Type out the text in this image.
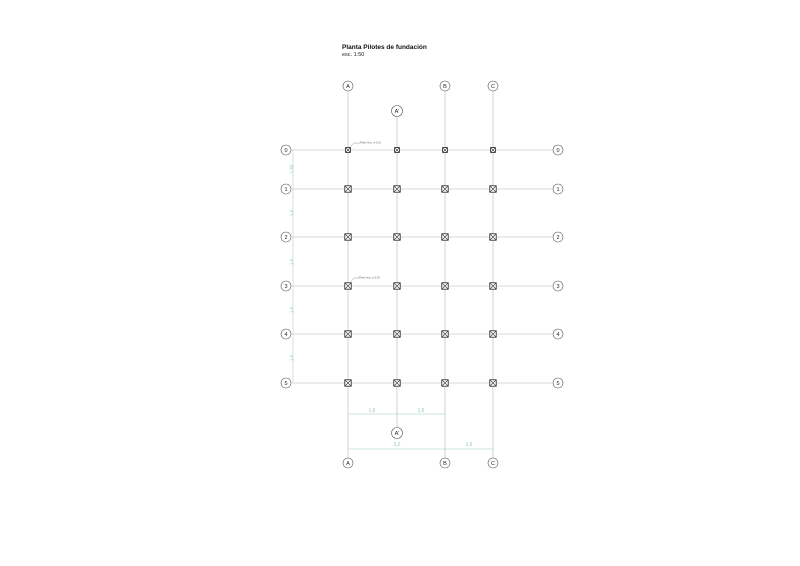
Planta Pilotes de fundación
esc. 1:50
A	B	C
A'
A	B	C
A'
0
1
2
3
4
5
0
1
2
3
4
5
1,60
1,6
1,6
1,6
1,6
1,6	1,6
3,2	1,6
Pilote hinc. ø 0,30
Pilote hinc. ø 0,30
